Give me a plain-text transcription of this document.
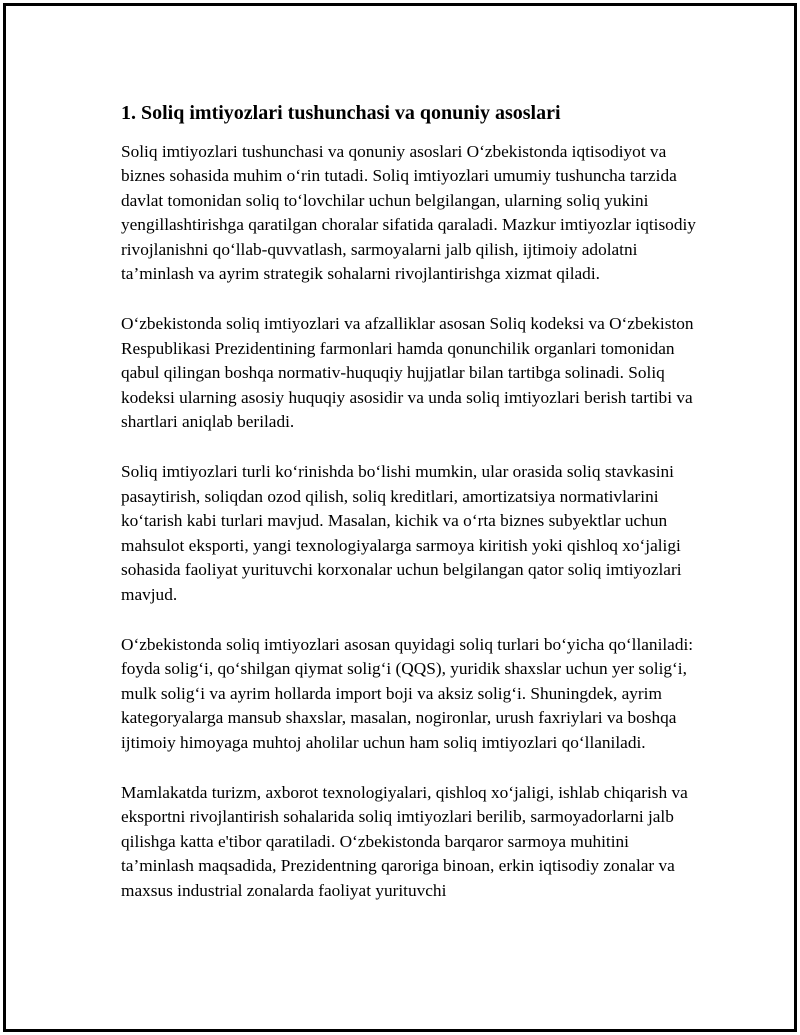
1. Soliq imtiyozlari tushunchasi va qonuniy asoslari

Soliq imtiyozlari tushunchasi va qonuniy asoslari O‘zbekistonda iqtisodiyot va biznes sohasida muhim o‘rin tutadi. Soliq imtiyozlari umumiy tushuncha tarzida davlat tomonidan soliq to‘lovchilar uchun belgilangan, ularning soliq yukini yengillashtirishga qaratilgan choralar sifatida qaraladi. Mazkur imtiyozlar iqtisodiy rivojlanishni qo‘llab-quvvatlash, sarmoyalarni jalb qilish, ijtimoiy adolatni ta’minlash va ayrim strategik sohalarni rivojlantirishga xizmat qiladi.

O‘zbekistonda soliq imtiyozlari va afzalliklar asosan Soliq kodeksi va O‘zbekiston Respublikasi Prezidentining farmonlari hamda qonunchilik organlari tomonidan qabul qilingan boshqa normativ-huquqiy hujjatlar bilan tartibga solinadi. Soliq kodeksi ularning asosiy huquqiy asosidir va unda soliq imtiyozlari berish tartibi va shartlari aniqlab beriladi.

Soliq imtiyozlari turli ko‘rinishda bo‘lishi mumkin, ular orasida soliq stavkasini pasaytirish, soliqdan ozod qilish, soliq kreditlari, amortizatsiya normativlarini ko‘tarish kabi turlari mavjud. Masalan, kichik va o‘rta biznes subyektlar uchun mahsulot eksporti, yangi texnologiyalarga sarmoya kiritish yoki qishloq xo‘jaligi sohasida faoliyat yurituvchi korxonalar uchun belgilangan qator soliq imtiyozlari mavjud.

O‘zbekistonda soliq imtiyozlari asosan quyidagi soliq turlari bo‘yicha qo‘llaniladi: foyda solig‘i, qo‘shilgan qiymat solig‘i (QQS), yuridik shaxslar uchun yer solig‘i, mulk solig‘i va ayrim hollarda import boji va aksiz solig‘i. Shuningdek, ayrim kategoryalarga mansub shaxslar, masalan, nogironlar, urush faxriylari va boshqa ijtimoiy himoyaga muhtoj aholilar uchun ham soliq imtiyozlari qo‘llaniladi.

Mamlakatda turizm, axborot texnologiyalari, qishloq xo‘jaligi, ishlab chiqarish va eksportni rivojlantirish sohalarida soliq imtiyozlari berilib, sarmoyadorlarni jalb qilishga katta e'tibor qaratiladi. O‘zbekistonda barqaror sarmoya muhitini ta’minlash maqsadida, Prezidentning qaroriga binoan, erkin iqtisodiy zonalar va maxsus industrial zonalarda faoliyat yurituvchi
